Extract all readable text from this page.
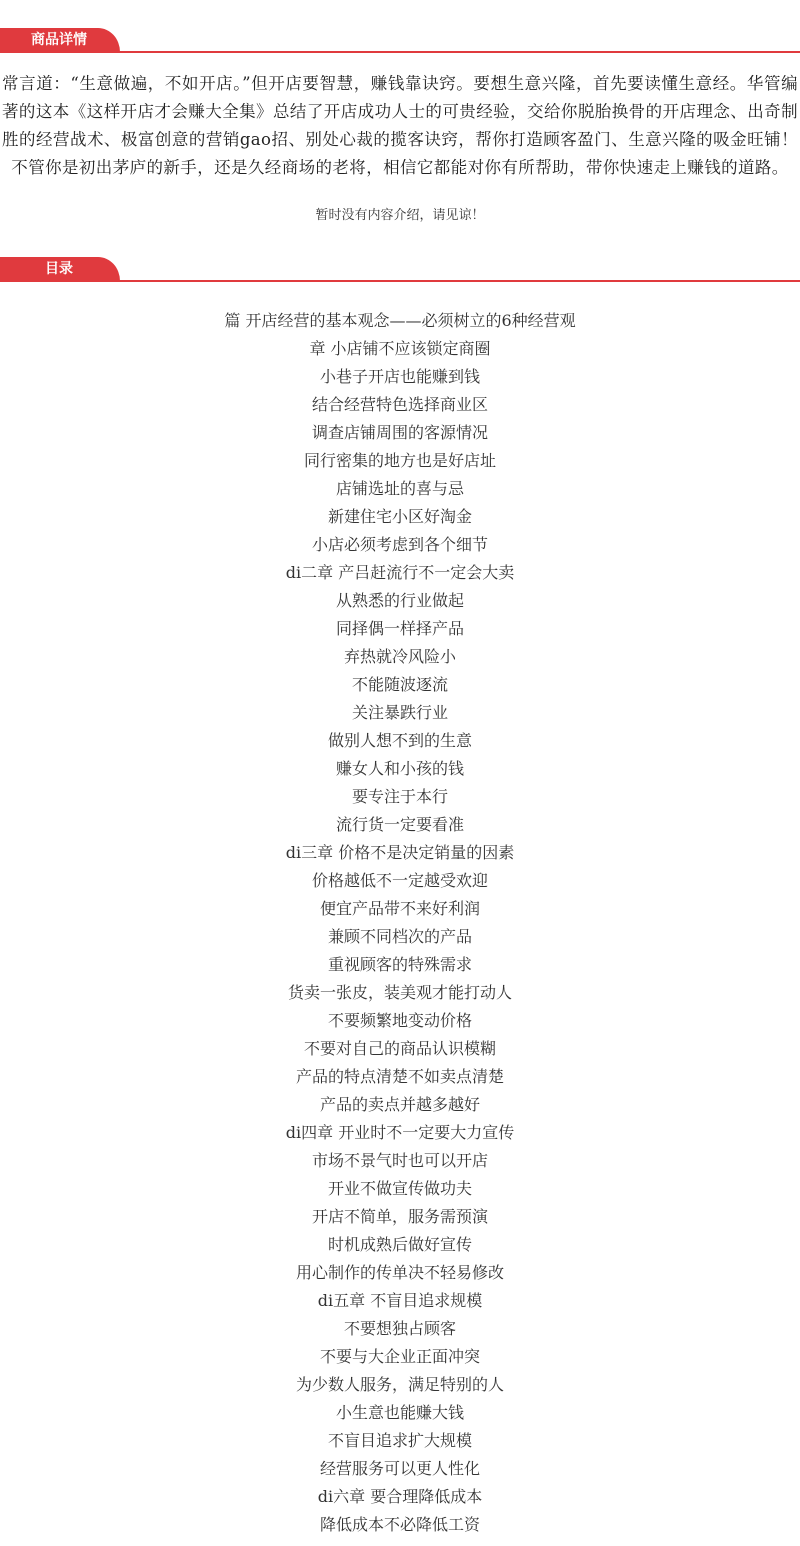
商品详情

常言道：“生意做遍，不如开店。”但开店要智慧，赚钱靠诀窍。要想生意兴隆，首先要读懂生意经。华管编著的这本《这样开店才会赚大全集》总结了开店成功人士的可贵经验，交给你脱胎换骨的开店理念、出奇制胜的经营战术、极富创意的营销gao招、别处心裁的揽客诀窍，帮你打造顾客盈门、生意兴隆的吸金旺铺！不管你是初出茅庐的新手，还是久经商场的老将，相信它都能对你有所帮助，带你快速走上赚钱的道路。

暂时没有内容介绍，请见谅！
目录
篇 开店经营的基本观念——必须树立的6种经营观
章 小店铺不应该锁定商圈
小巷子开店也能赚到钱
结合经营特色选择商业区
调查店铺周围的客源情况
同行密集的地方也是好店址
店铺选址的喜与忌
新建住宅小区好淘金
小店必须考虑到各个细节
di二章 产吕赶流行不一定会大卖
从熟悉的行业做起
同择偶一样择产品
弃热就冷风险小
不能随波逐流
关注暴跌行业
做别人想不到的生意
赚女人和小孩的钱
要专注于本行
流行货一定要看准
di三章 价格不是决定销量的因素
价格越低不一定越受欢迎
便宜产品带不来好利润
兼顾不同档次的产品
重视顾客的特殊需求
货卖一张皮，装美观才能打动人
不要频繁地变动价格
不要对自己的商品认识模糊
产品的特点清楚不如卖点清楚
产品的卖点并越多越好
di四章 开业时不一定要大力宣传
市场不景气时也可以开店
开业不做宣传做功夫
开店不简单，服务需预演
时机成熟后做好宣传
用心制作的传单决不轻易修改
di五章 不盲目追求规模
不要想独占顾客
不要与大企业正面冲突
为少数人服务，满足特别的人
小生意也能赚大钱
不盲目追求扩大规模
经营服务可以更人性化
di六章 要合理降低成本
降低成本不必降低工资
